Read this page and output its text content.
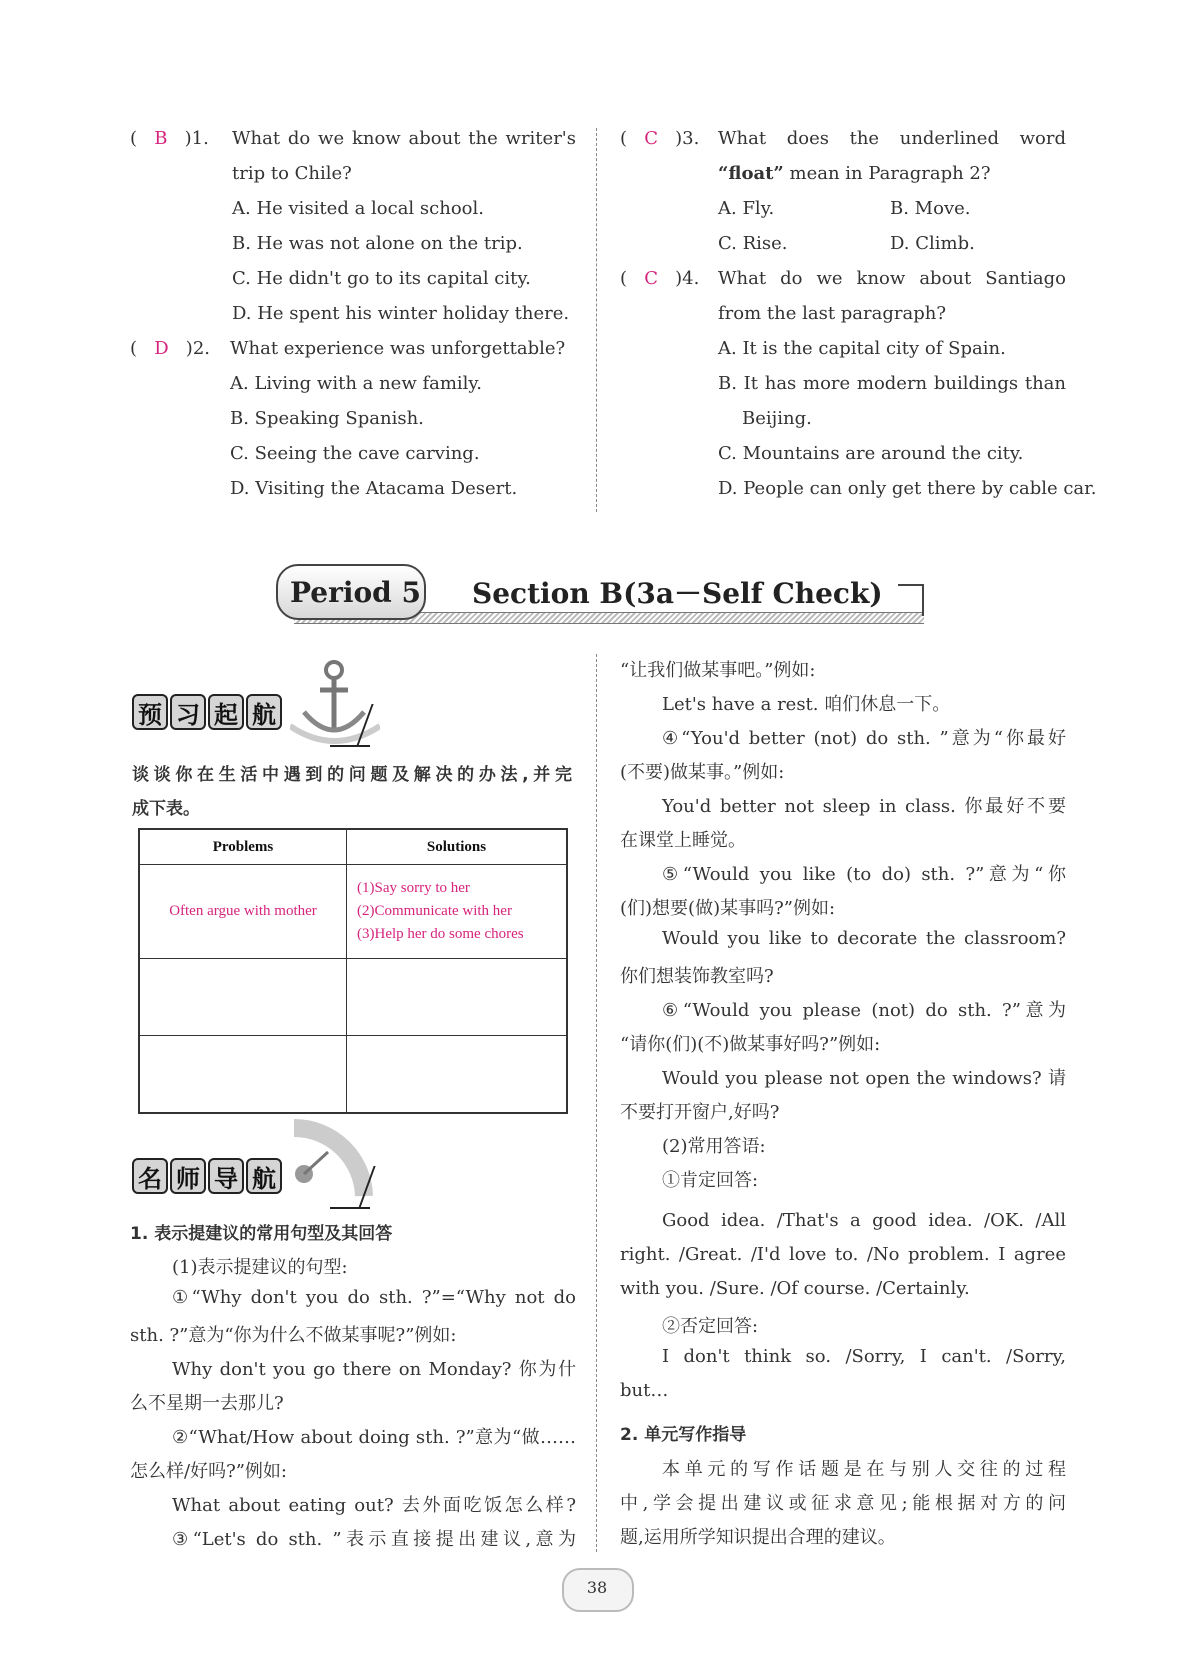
(   B )1. What do we know about the writer's
trip to Chile?
A. He visited a local school.
B. He was not alone on the trip.
C. He didn't go to its capital city.
D. He spent his winter holiday there.
(   D )2. What experience was unforgettable?
A. Living with a new family.
B. Speaking Spanish.
C. Seeing the cave carving.
D. Visiting the Atacama Desert.
(   C )3. What does the underlined word
“float” mean in Paragraph 2?
A. Fly.	B. Move.
C. Rise.	D. Climb.
(   C )4. What do we know about Santiago
from the last paragraph?
A. It is the capital city of Spain.
B. It has more modern buildings than
Beijing.
C. Mountains are around the city.
D. People can only get there by cable car.
Period 5 Section B(3a－Self Check)
预 习 起 航
谈谈你在生活中遇到的问题及解决的办法,并完
成下表。
Problems	Solutions
Often argue with mother	(1)Say sorry to her
(2)Communicate with her
(3)Help her do some chores

名 师 导 航
1. 表示提建议的常用句型及其回答
(1)表示提建议的句型:
①“Why don't you do sth. ?”=“Why not do
sth. ?”意为“你为什么不做某事呢?”例如:
Why don't you go there on Monday? 你为什
么不星期一去那儿?
②“What/How about doing sth. ?”意为“做……
怎么样/好吗?”例如:
What about eating out? 去外面吃饭怎么样?
③“Let's do sth. ”表示直接提出建议,意为
“让我们做某事吧。”例如:
Let's have a rest. 咱们休息一下。
④“You'd better (not) do sth. ”意为“你最好
(不要)做某事。”例如:
You'd better not sleep in class. 你最好不要
在课堂上睡觉。
⑤“Would you like (to do) sth. ?”意为“你
(们)想要(做)某事吗?”例如:
Would you like to decorate the classroom?
你们想装饰教室吗?
⑥“Would you please (not) do sth. ?”意为
“请你(们)(不)做某事好吗?”例如:
Would you please not open the windows? 请
不要打开窗户,好吗?
(2)常用答语:
①肯定回答:
Good idea. /That's a good idea. /OK. /All
right. /Great. /I'd love to. /No problem. I agree
with you. /Sure. /Of course. /Certainly.
②否定回答:
I don't think so. /Sorry, I can't. /Sorry,
but…
2. 单元写作指导
本单元的写作话题是在与别人交往的过程
中,学会提出建议或征求意见;能根据对方的问
题,运用所学知识提出合理的建议。
38
